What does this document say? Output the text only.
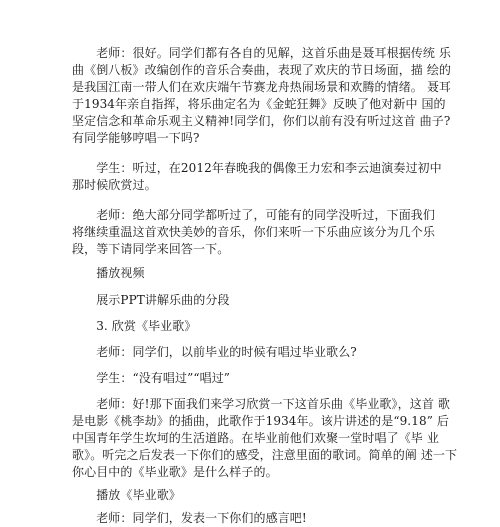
　　老师：很好。同学们都有各自的见解，这首乐曲是聂耳根据传统 乐
曲《倒八板》改编创作的音乐合奏曲，表现了欢庆的节日场面，描 绘的
是我国江南一带人们在欢庆端午节赛龙舟热闹场景和欢腾的情绪。 聂耳
于1934年亲自指挥，将乐曲定名为《金蛇狂舞》反映了他对新中 国的
坚定信念和革命乐观主义精神!同学们，你们以前有没有听过这首 曲子?
有同学能够哼唱一下吗?
　　学生：听过，在2012年春晚我的偶像王力宏和李云迪演奏过初中
那时候欣赏过。
　　老师：绝大部分同学都听过了，可能有的同学没听过，下面我们
将继续重温这首欢快美妙的音乐，你们来听一下乐曲应该分为几个乐
段，等下请同学来回答一下。
　　播放视频
　　展示PPT讲解乐曲的分段
　　3. 欣赏《毕业歌》
　　老师：同学们，以前毕业的时候有唱过毕业歌么?
　　学生：“没有唱过”“唱过”
　　老师：好!那下面我们来学习欣赏一下这首乐曲《毕业歌》，这首 歌
是电影《桃李劫》的插曲，此歌作于1934年。该片讲述的是“9.18” 后
中国青年学生坎坷的生活道路。在毕业前他们欢聚一堂时唱了《毕 业
歌》。听完之后发表一下你们的感受，注意里面的歌词。简单的阐 述一下
你心目中的《毕业歌》是什么样子的。
　　播放《毕业歌》
　　老师：同学们，发表一下你们的感言吧!
